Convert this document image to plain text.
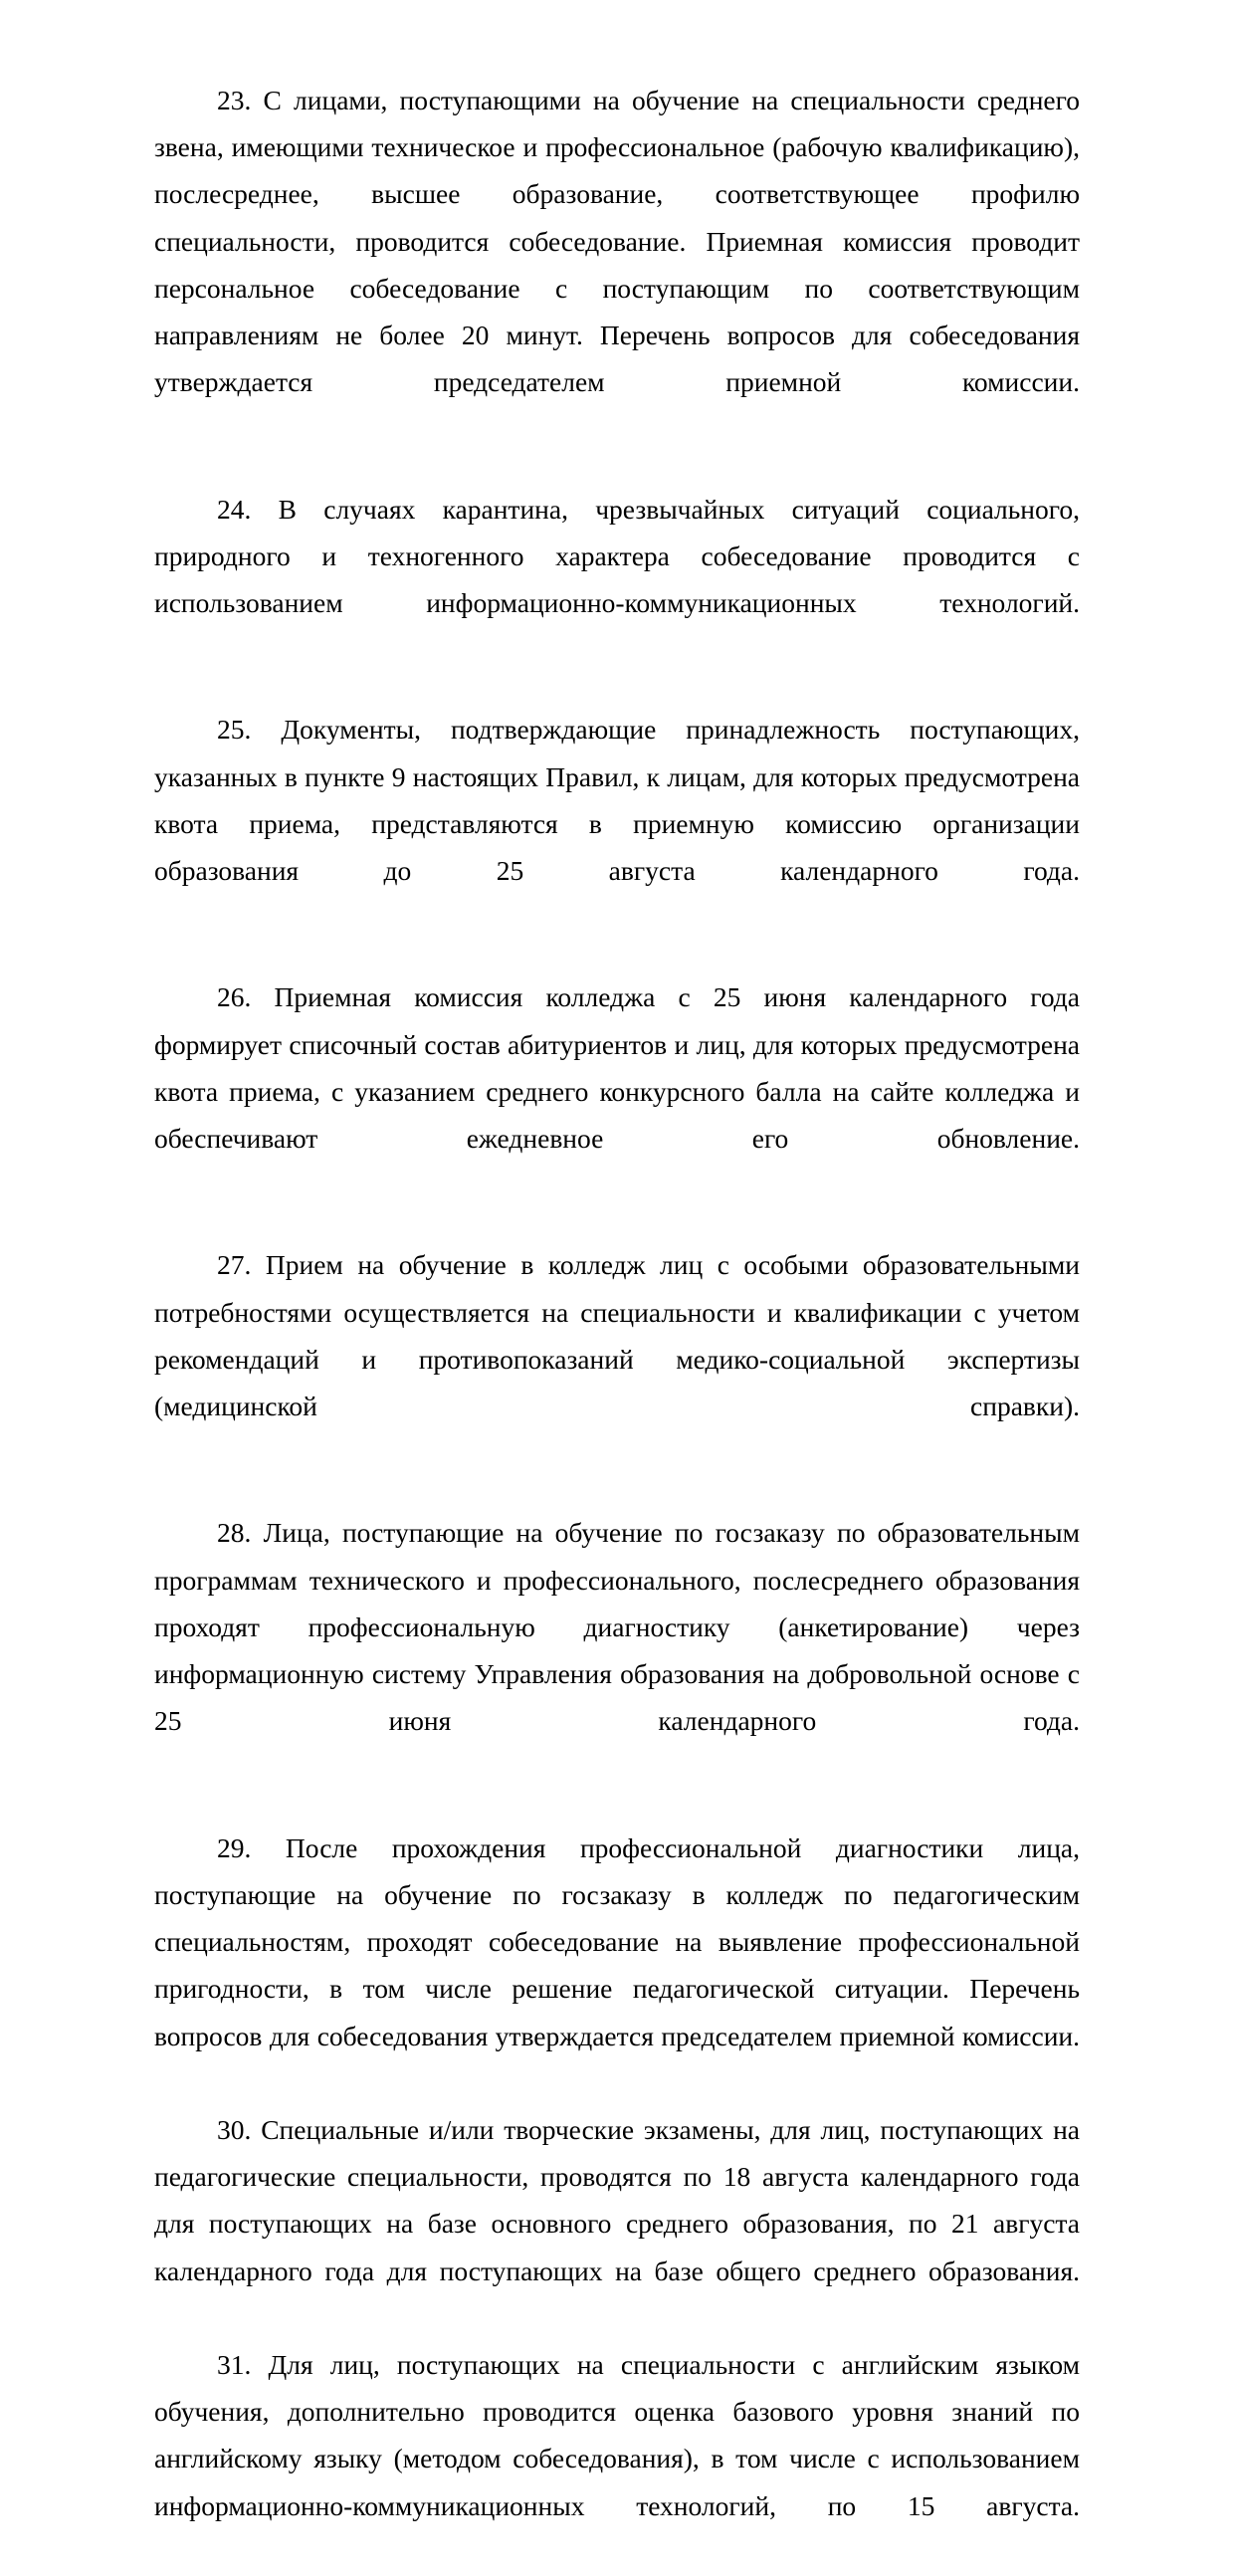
23. С лицами, поступающими на обучение на специальности среднего звена, имеющими техническое и профессиональное (рабочую квалификацию), послесреднее, высшее образование, соответствующее профилю специальности, проводится собеседование. Приемная комиссия проводит персональное собеседование с поступающим по соответствующим направлениям не более 20 минут. Перечень вопросов для собеседования утверждается председателем приемной комиссии.

24. В случаях карантина, чрезвычайных ситуаций социального, природного и техногенного характера собеседование проводится с использованием информационно-коммуникационных технологий.

25. Документы, подтверждающие принадлежность поступающих, указанных в пункте 9 настоящих Правил, к лицам, для которых предусмотрена квота приема, представляются в приемную комиссию организации образования до 25 августа календарного года.

26. Приемная комиссия колледжа с 25 июня календарного года формирует списочный состав абитуриентов и лиц, для которых предусмотрена квота приема, с указанием среднего конкурсного балла на сайте колледжа и обеспечивают ежедневное его обновление.

27. Прием на обучение в колледж лиц с особыми образовательными потребностями осуществляется на специальности и квалификации с учетом рекомендаций и противопоказаний медико-социальной экспертизы (медицинской справки).

28. Лица, поступающие на обучение по госзаказу по образовательным программам технического и профессионального, послесреднего образования проходят профессиональную диагностику (анкетирование) через информационную систему Управления образования на добровольной основе с 25 июня календарного года.

29. После прохождения профессиональной диагностики лица, поступающие на обучение по госзаказу в колледж по педагогическим специальностям, проходят собеседование на выявление профессиональной пригодности, в том числе решение педагогической ситуации. Перечень вопросов для собеседования утверждается председателем приемной комиссии.

30. Специальные и/или творческие экзамены, для лиц, поступающих на педагогические специальности, проводятся по 18 августа календарного года для поступающих на базе основного среднего образования, по 21 августа календарного года для поступающих на базе общего среднего образования.

31. Для лиц, поступающих на специальности с английским языком обучения, дополнительно проводится оценка базового уровня знаний по английскому языку (методом собеседования), в том числе с использованием информационно-коммуникационных технологий, по 15 августа.
